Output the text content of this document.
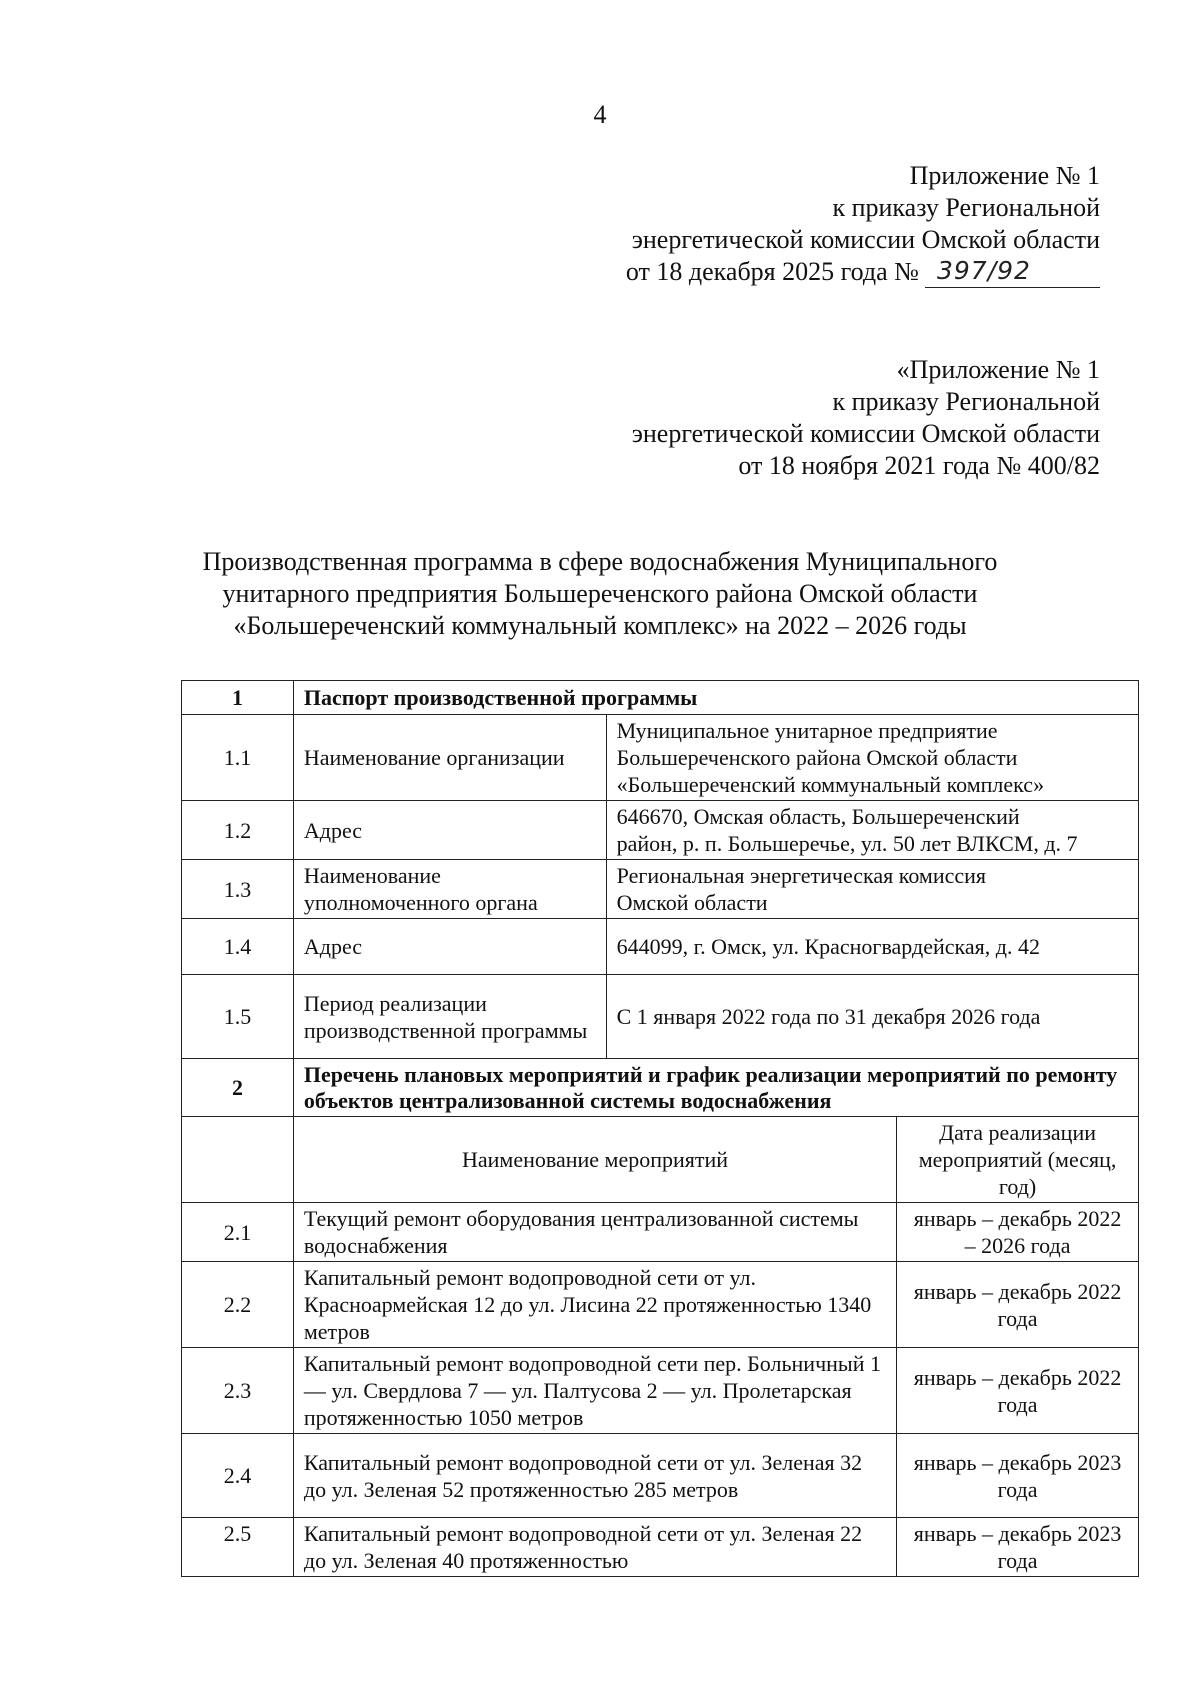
4
Приложение № 1
к приказу Региональной
энергетической комиссии Омской области
от 18 декабря 2025 года № 397/92
«Приложение № 1
к приказу Региональной
энергетической комиссии Омской области
от 18 ноября 2021 года № 400/82
Производственная программа в сфере водоснабжения Муниципального
унитарного предприятия Большереченского района Омской области
«Большереченский коммунальный комплекс» на 2022 – 2026 годы
1	Паспорт производственной программы		
1.1	Наименование организации	Муниципальное унитарное предприятие
Большереченского района Омской области
«Большереченский коммунальный комплекс»	

1.2	Адрес	646670, Омская область, Большереченский
район, р. п. Большеречье, ул. 50 лет ВЛКСМ, д. 7	

1.3	Наименование уполномоченного органа	Региональная энергетическая комиссия
Омской области	

1.4	Адрес	644099, г. Омск, ул. Красногвардейская, д. 42	

1.5	Период реализации производственной программы	С 1 января 2022 года по 31 декабря 2026 года	

2	Перечень плановых мероприятий и график реализации мероприятий по ремонту объектов централизованной системы водоснабжения		
	Наименование мероприятий		Дата реализации мероприятий (месяц, год)
2.1	Текущий ремонт оборудования централизованной системы водоснабжения		январь – декабрь 2022 – 2026 года
2.2	Капитальный ремонт водопроводной сети от ул. Красноармейская 12 до ул. Лисина 22 протяженностью 1340 метров		январь – декабрь 2022 года
2.3	Капитальный ремонт водопроводной сети пер. Больничный 1 — ул. Свердлова 7 — ул. Палтусова 2 — ул. Пролетарская протяженностью 1050 метров		январь – декабрь 2022 года
2.4	Капитальный ремонт водопроводной сети от ул. Зеленая 32 до ул. Зеленая 52 протяженностью 285 метров		январь – декабрь 2023 года
2.5	Капитальный ремонт водопроводной сети от ул. Зеленая 22 до ул. Зеленая 40 протяженностью		январь – декабрь 2023 года
